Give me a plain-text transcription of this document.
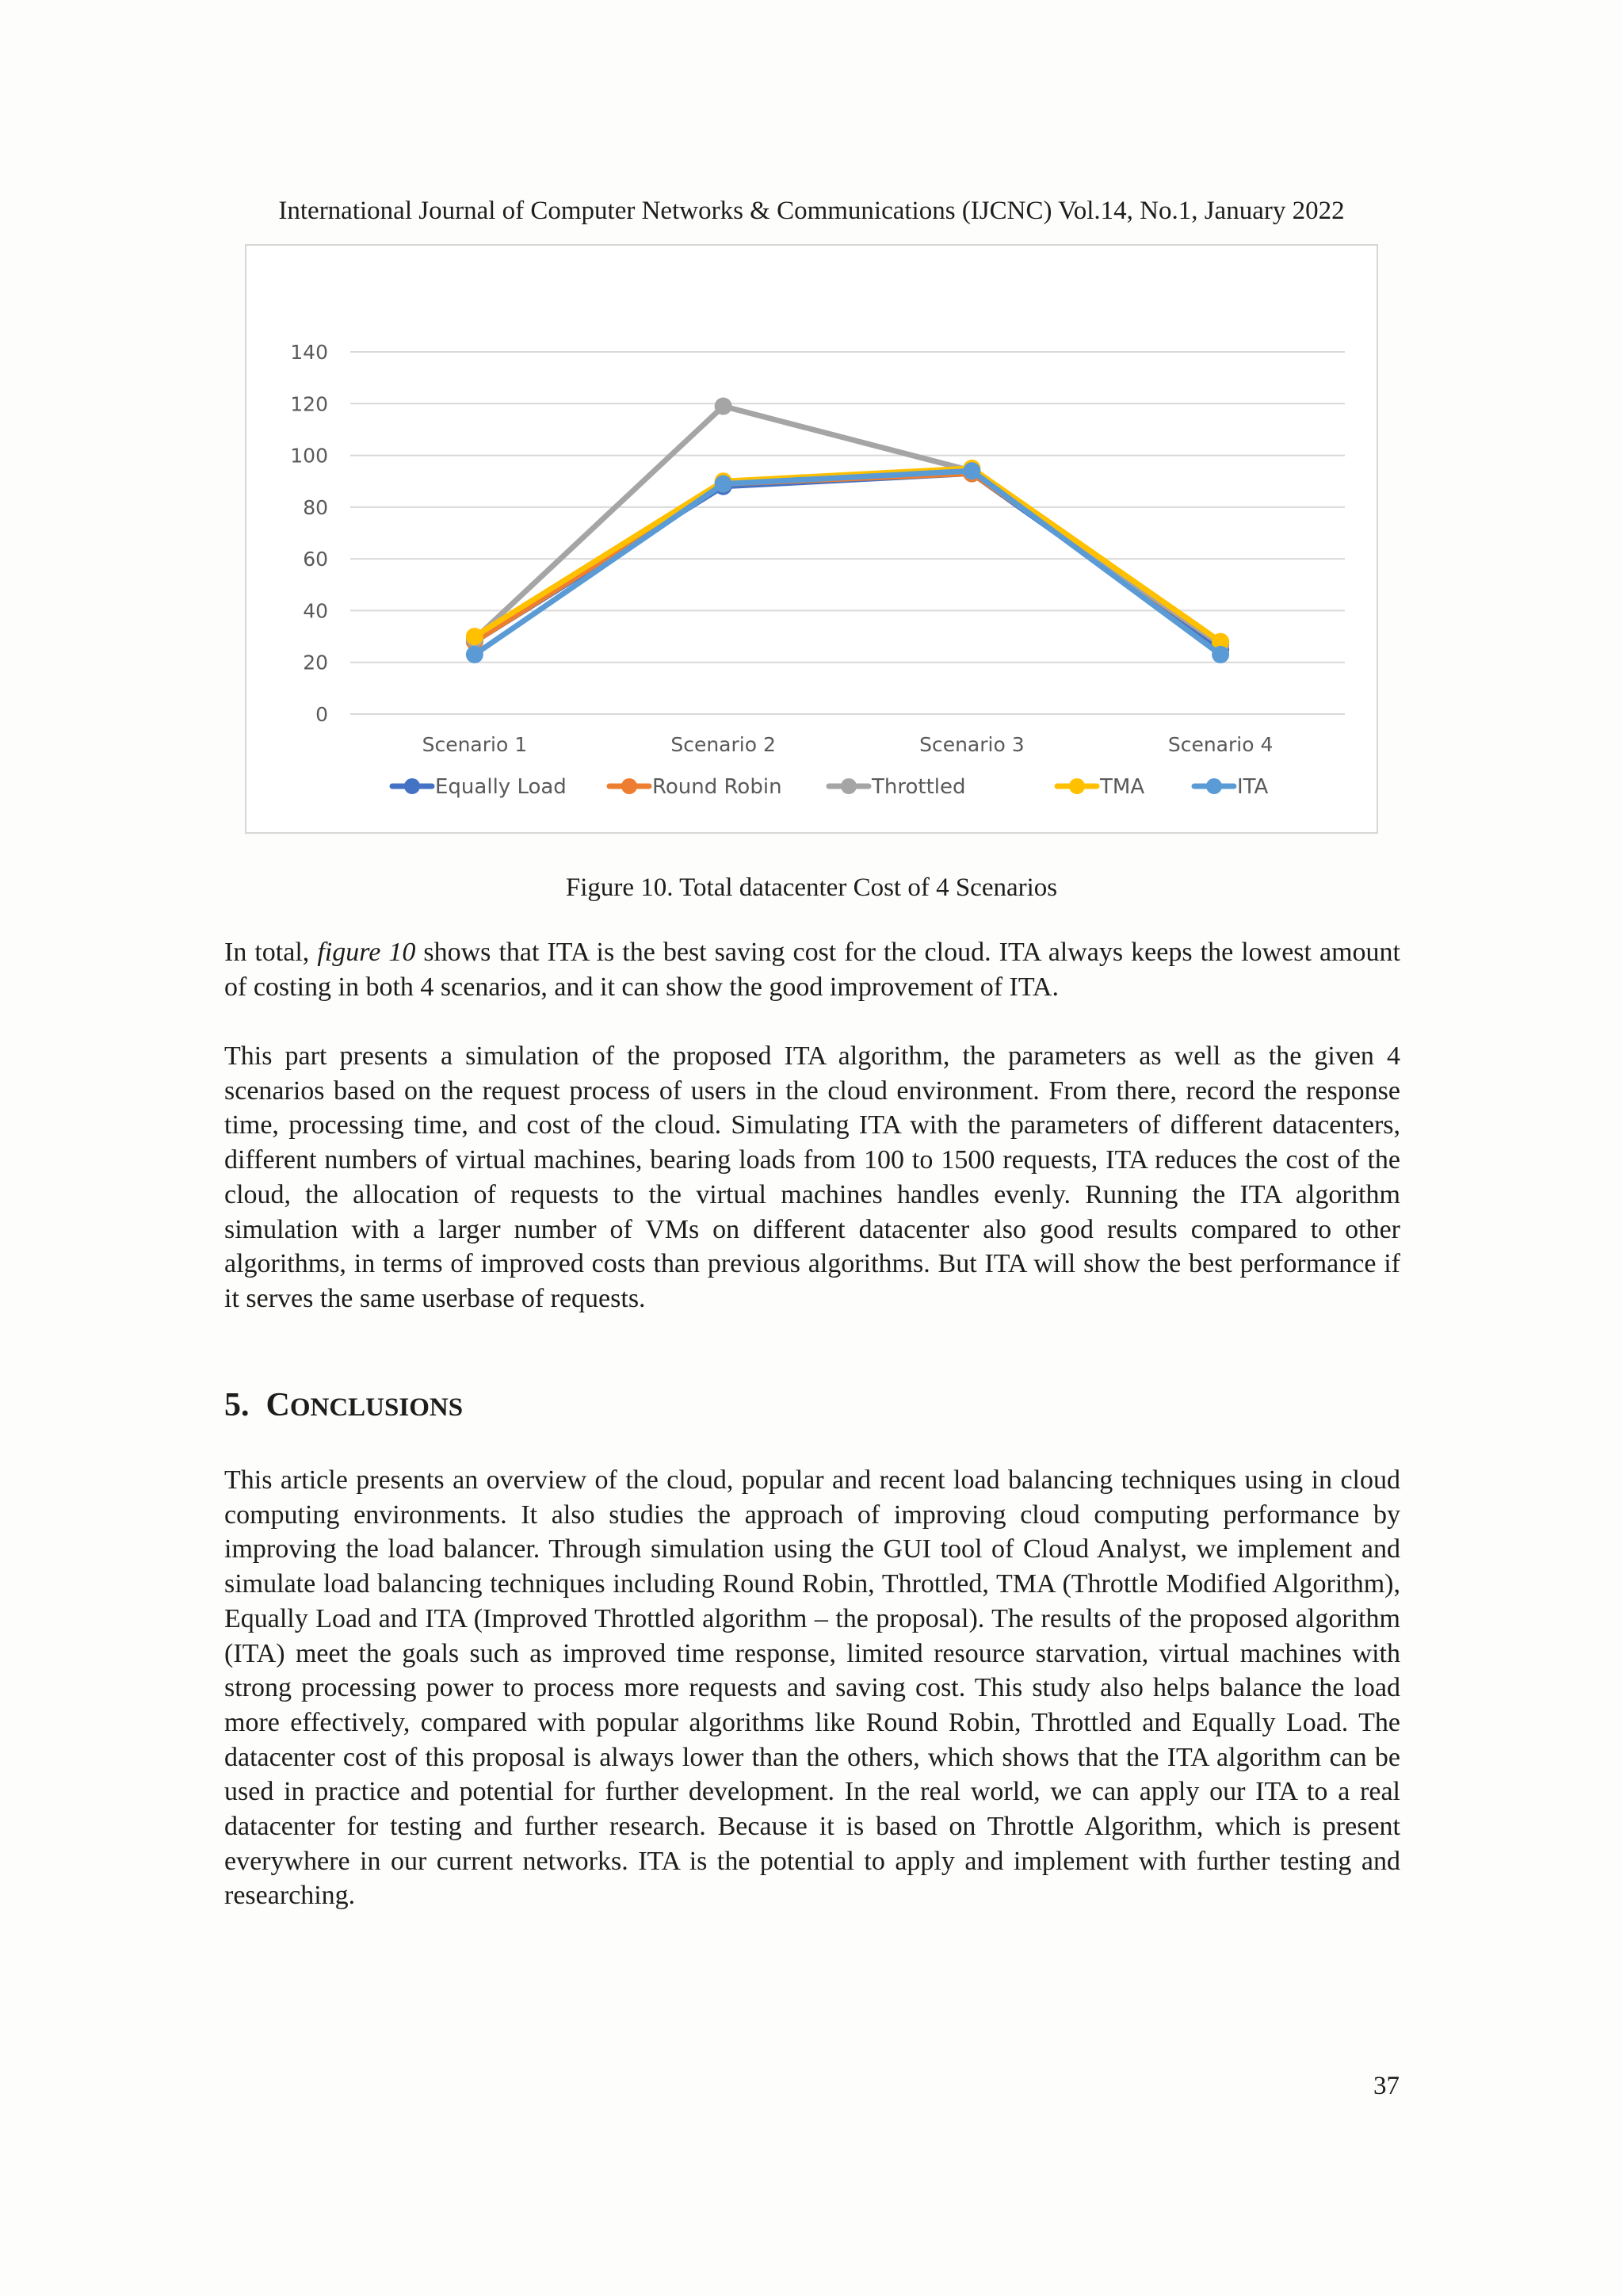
International Journal of Computer Networks & Communications (IJCNC) Vol.14, No.1, January 2022
0
20
40
60
80
100
120
140
Scenario 1	Scenario 2	Scenario 3	Scenario 4
Equally Load	Round Robin	Throttled	TMA	ITA
Figure 10. Total datacenter Cost of 4 Scenarios

In total, figure 10 shows that ITA is the best saving cost for the cloud. ITA always keeps the lowest amount of costing in both 4 scenarios, and it can show the good improvement of ITA.

This part presents a simulation of the proposed ITA algorithm, the parameters as well as the given 4 scenarios based on the request process of users in the cloud environment. From there, record the response time, processing time, and cost of the cloud. Simulating ITA with the parameters of different datacenters, different numbers of virtual machines, bearing loads from 100 to 1500 requests, ITA reduces the cost of the cloud, the allocation of requests to the virtual machines handles evenly. Running the ITA algorithm simulation with a larger number of VMs on different datacenter also good results compared to other algorithms, in terms of improved costs than previous algorithms. But ITA will show the best performance if it serves the same userbase of requests.

5. CONCLUSIONS

This article presents an overview of the cloud, popular and recent load balancing techniques using in cloud computing environments. It also studies the approach of improving cloud computing performance by improving the load balancer. Through simulation using the GUI tool of Cloud Analyst, we implement and simulate load balancing techniques including Round Robin, Throttled, TMA (Throttle Modified Algorithm), Equally Load and ITA (Improved Throttled algorithm – the proposal). The results of the proposed algorithm (ITA) meet the goals such as improved time response, limited resource starvation, virtual machines with strong processing power to process more requests and saving cost. This study also helps balance the load more effectively, compared with popular algorithms like Round Robin, Throttled and Equally Load. The datacenter cost of this proposal is always lower than the others, which shows that the ITA algorithm can be used in practice and potential for further development. In the real world, we can apply our ITA to a real datacenter for testing and further research. Because it is based on Throttle Algorithm, which is present everywhere in our current networks. ITA is the potential to apply and implement with further testing and researching.

37
